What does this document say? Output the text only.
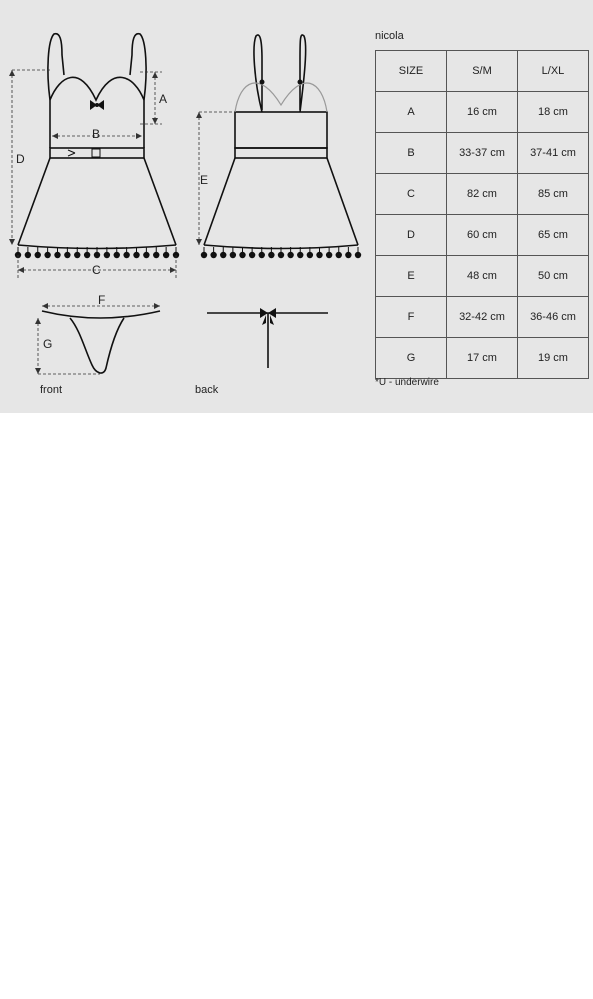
A
B
C
D
E
F
G
front	back
nicola
SIZE	S/M	L/XL
A	16 cm	18 cm
B	33-37 cm	37-41 cm
C	82 cm	85 cm
D	60 cm	65 cm
E	48 cm	50 cm
F	32-42 cm	36-46 cm
G	17 cm	19 cm
*U - underwire
